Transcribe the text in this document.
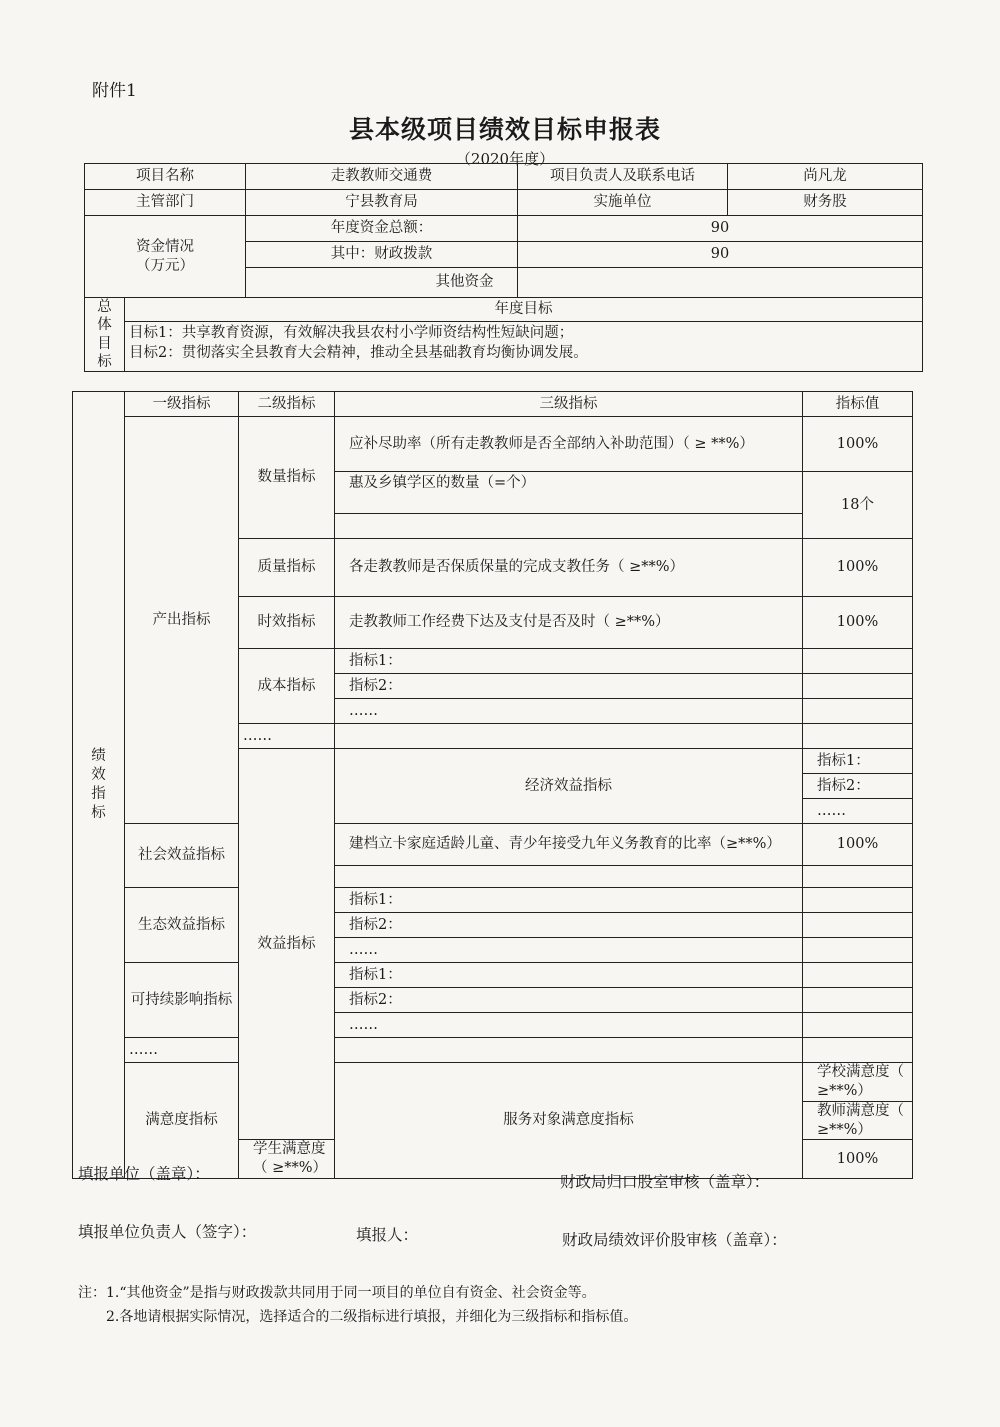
附件1
县本级项目绩效目标申报表
（2020年度）
项目名称		走教教师交通费	项目负责人及联系电话	尚凡龙
主管部门		宁县教育局	实施单位	财务股

资金情况
（万元）		年度资金总额：	90	
		其中：财政拨款	90	
		其他资金		

总
体
目
标	年度目标			
	目标1：共享教育资源，有效解决我县农村小学师资结构性短缺问题；			
	目标2：贯彻落实全县教育大会精神，推动全县基础教育均衡协调发展。			
绩
效
指
标	一级指标	二级指标	三级指标	指标值	
	产出指标	数量指标	应补尽助率（所有走教教师是否全部纳入补助范围）（ ≥ **%）	100%	
			惠及乡镇学区的数量（=个）	18个	

		质量指标	各走教教师是否保质保量的完成支教任务（ ≥**%）	100%	
		时效指标	走教教师工作经费下达及支付是否及时（ ≥**%）	100%	
		成本指标	指标1：		
			指标2：		
			……		
		……			
		效益指标	经济效益指标	指标1：	
				指标2：	
				……	
	社会效益指标		建档立卡家庭适龄儿童、青少年接受九年义务教育的比率（≥**%）	100%	

	生态效益指标		指标1：		
			指标2：		
			……		
	可持续影响指标		指标1：		
			指标2：		
			……		
	……				
	满意度指标		服务对象满意度指标	学校满意度（ ≥**%）	
				教师满意度（ ≥**%）	
		学生满意度（ ≥**%）		100%	
填报单位（盖章）：	财政局归口股室审核（盖章）：
填报单位负责人（签字）：	填报人：	财政局绩效评价股审核（盖章）：
注：1.“其他资金”是指与财政拨款共同用于同一项目的单位自有资金、社会资金等。
2.各地请根据实际情况，选择适合的二级指标进行填报，并细化为三级指标和指标值。
